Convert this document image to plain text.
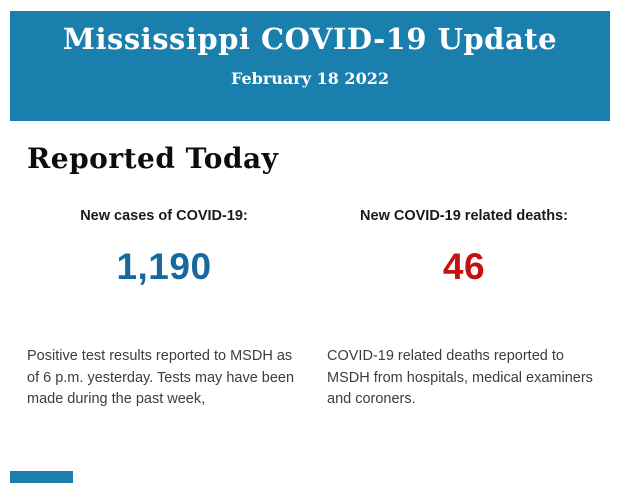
Mississippi COVID-19 Update
February 18 2022
Reported Today
New cases of COVID-19:
1,190
New COVID-19 related deaths:
46
Positive test results reported to MSDH as of 6 p.m. yesterday. Tests may have been made during the past week,
COVID-19 related deaths reported to MSDH from hospitals, medical examiners and coroners.
